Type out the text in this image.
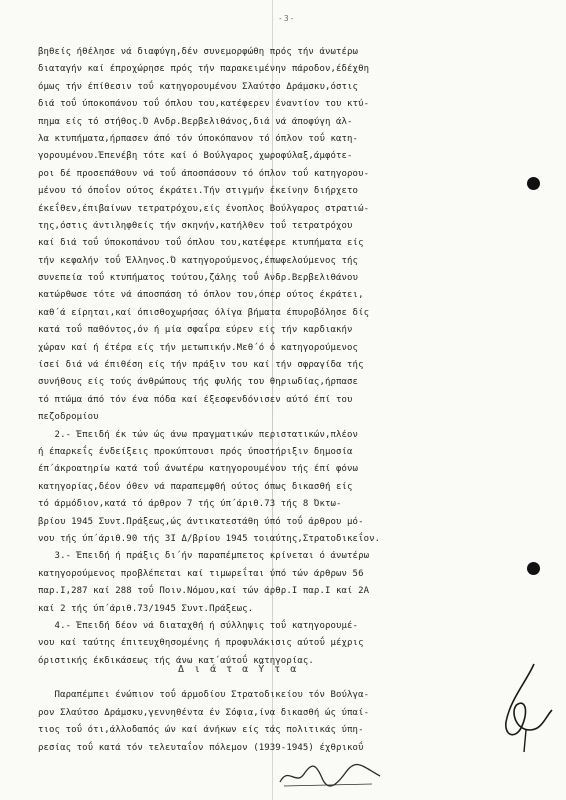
-3-
βηθείς ήθέλησε νά διαφύγη,δέν συνεμορφώθη πρός τήν άνωτέρω
διαταγήν καί έπροχώρησε πρός τήν παρακειμένην πάροδον,έδέχθη
όμως τήν έπίθεσιν τοΰ κατηγορουμένου Σλαύτσο Δράμσκυ,όστις
διά τοΰ ύποκοπάνου τοΰ όπλου του,κατέφερεν έναντίον του κτύ-
πημα είς τό στήθος.Ό Ανδρ.Βερβελιθάνος,διά νά άποφύγη άλ-
λα κτυπήματα,ήρπασεν άπό τόν ύποκόπανον τό όπλον τοΰ κατη-
γορουμένου.Έπενέβη τότε καί ό Βούλγαρος χωροφύλαξ,άμφότε-
ροι δέ προσεπάθουν νά τοΰ άποσπάσουν τό όπλον τοΰ κατηγορου-
μένου τό όποΐον ούτος έκράτει.Τήν στιγμήν έκείνην διήρχετο
έκεΐθεν,έπιβαίνων τετρατρόχου,είς ένοπλος Βούλγαρος στρατιώ-
της,όστις άντιληφθείς τήν σκηνήν,κατήλθεν τοΰ τετρατρόχου
καί διά τοΰ ύποκοπάνου τοΰ όπλου του,κατέφερε κτυπήματα είς
τήν κεφαλήν τοΰ Έλληνος.Ό κατηγορούμενος,έπωφελούμενος τής
συνεπεία τοΰ κτυπήματος τούτου,ζάλης τοΰ Ανδρ.Βερβελιθάνου
κατώρθωσε τότε νά άποσπάση τό όπλον του,όπερ ούτος έκράτει,
καθ΄ά είρηται,καί όπισθοχωρήσας όλίγα βήματα έπυροβόλησε δίς
κατά τοΰ παθόντος,όν ή μία σφαΐρα εύρεν είς τήν καρδιακήν
χώραν καί ή έτέρα είς τήν μετωπικήν.Μεθ΄ό ό κατηγορούμενος
ίσεί διά νά έπιθέση είς τήν πράξιν του καί τήν σφραγίδα τής
συνήθους είς τούς άνθρώπους τής φυλής του θηριωδίας,ήρπασε
τό πτώμα άπό τόν ένα πόδα καί έξεσφενδόνισεν αύτό έπί του
πεζοδρομίου
2.- Έπειδή έκ τών ώς άνω πραγματικών περιστατικών,πλέον
ή έπαρκεΐς ένδείξεις προκύπτουσι πρός ύποστήριξιν δημοσία
έπ΄άκροατηρίω κατά τοΰ άνωτέρω κατηγορουμένου τής έπί φόνω
κατηγορίας,δέον όθεν νά παραπεμφθή ούτος όπως δικασθή είς
τό άρμόδιον,κατά τό άρθρον 7 τής ύπ΄άριθ.73 τής 8 Όκτω-
βρίου 1945 Συντ.Πράξεως,ώς άντικατεστάθη ύπό τοΰ άρθρου μό-
νου τής ύπ΄άριθ.90 τής 3Ι Δ/βρίου 1945 τοιαύτης,Στρατοδικεΐον.
3.- Έπειδή ή πράξις δι΄ήν παραπέμπετος κρίνεται ό άνωτέρω
κατηγορούμενος προβλέπεται καί τιμωρεΐται ύπό τών άρθρων 56
παρ.Ι,287 καί 288 τοΰ Ποιν.Νόμου,καί τών άρθρ.Ι παρ.Ι καί 2Α
καί 2 τής ύπ΄άριθ.73/1945 Συντ.Πράξεως.
4.- Έπειδή δέον νά διαταχθή ή σύλληψις τοΰ κατηγορουμέ-
νου καί ταύτης έπιτευχθησομένης ή προφυλάκισις αύτοΰ μέχρις
όριστικής έκδικάσεως τής άνω κατ΄αύτοΰ κατηγορίας.
Παραπέμπει ένώπιον τοΰ άρμοδίου Στρατοδικείου τόν Βούλγα-
ρον Σλαύτσο Δράμσκυ,γεννηθέντα έν Σόφια,ίνα δικασθή ώς ύπαί-
τιος τοΰ ότι,άλλοδαπός ών καί άνήκων είς τάς πολιτικάς ύπη-
ρεσίας τοΰ κατά τόν τελευταΐον πόλεμον (1939-1945) έχθρικοΰ
Δ ι ά τ α Ϋ τ α
